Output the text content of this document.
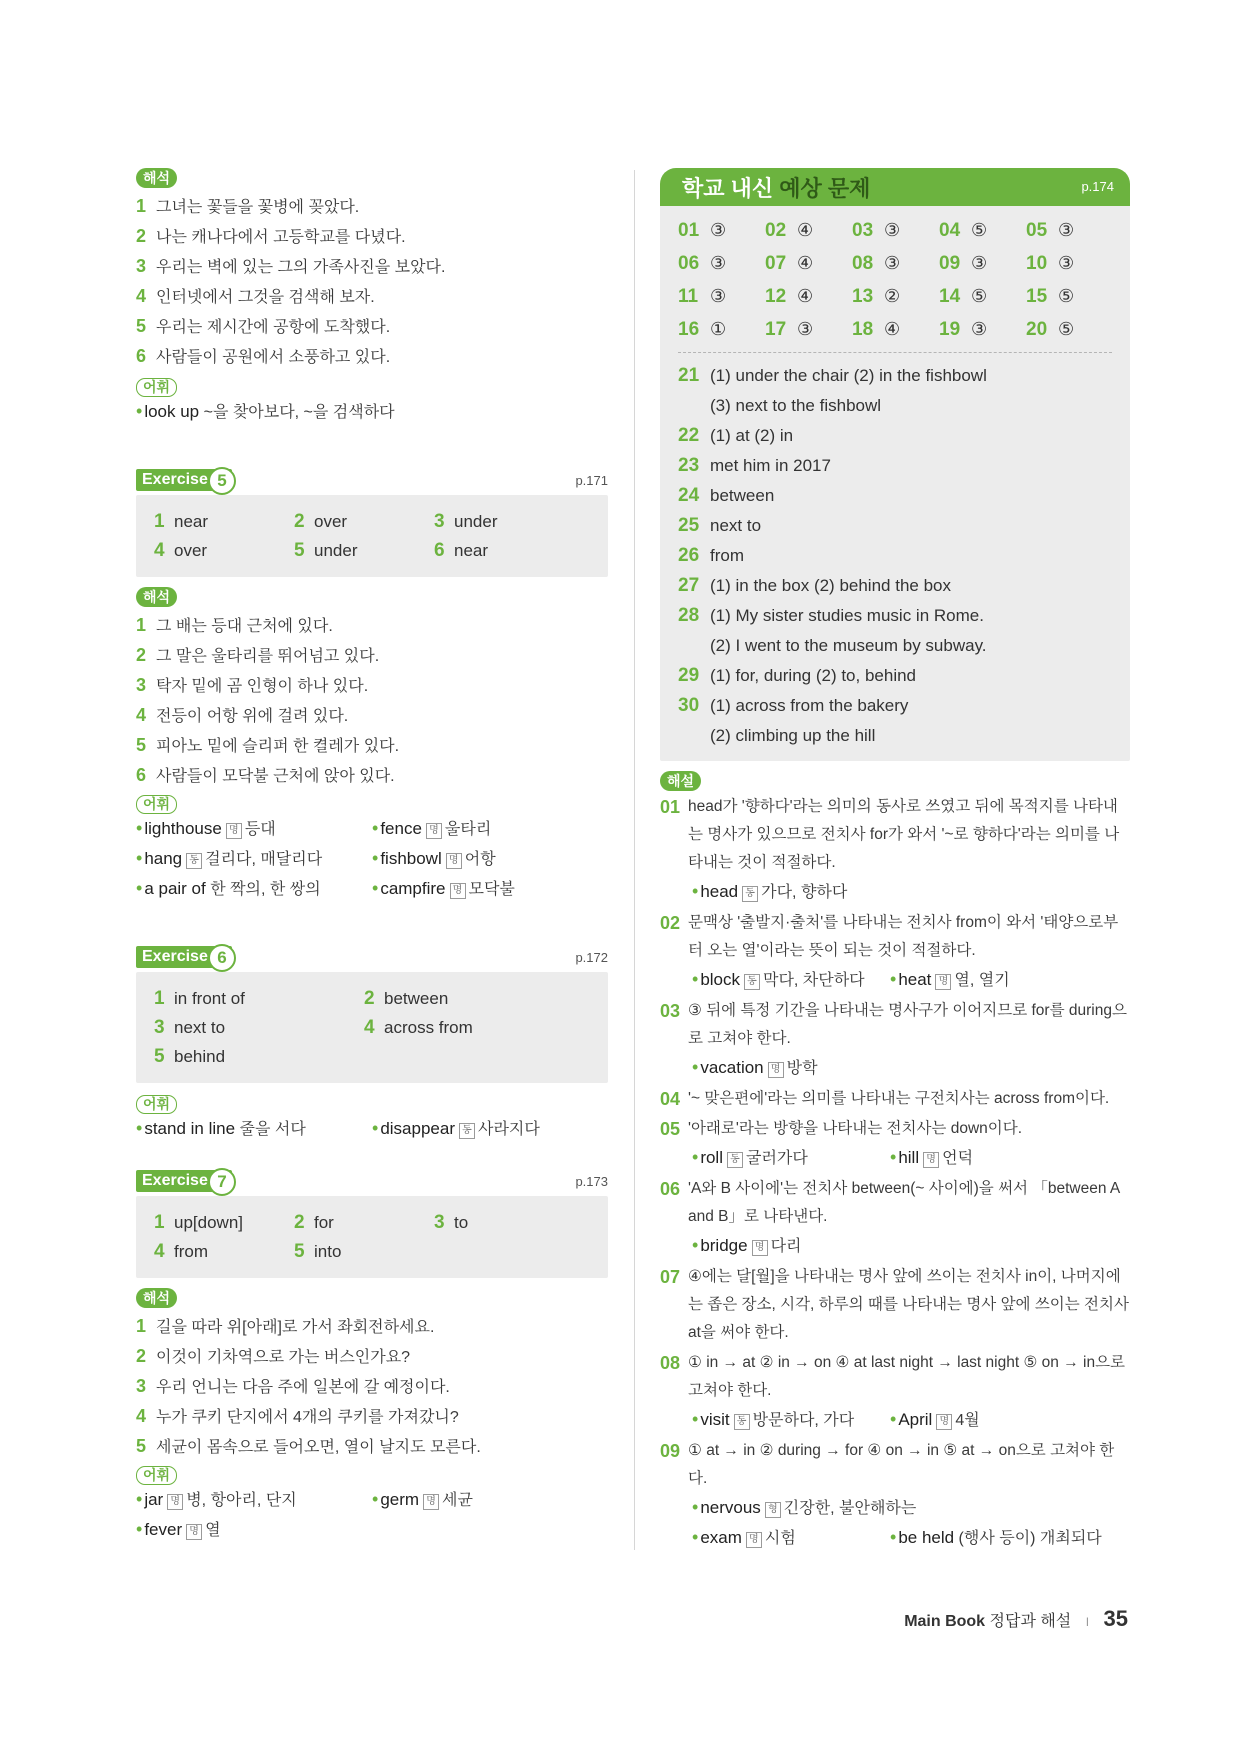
해석
1 그녀는 꽃들을 꽃병에 꽂았다.
2 나는 캐나다에서 고등학교를 다녔다.
3 우리는 벽에 있는 그의 가족사진을 보았다.
4 인터넷에서 그것을 검색해 보자.
5 우리는 제시간에 공항에 도착했다.
6 사람들이 공원에서 소풍하고 있다.
어휘
• look up ~을 찾아보다, ~을 검색하다
Exercise 5	p.171
1 near	2 over	3 under
4 over	5 under	6 near
해석
1 그 배는 등대 근처에 있다.
2 그 말은 울타리를 뛰어넘고 있다.
3 탁자 밑에 곰 인형이 하나 있다.
4 전등이 어항 위에 걸려 있다.
5 피아노 밑에 슬리퍼 한 켤레가 있다.
6 사람들이 모닥불 근처에 앉아 있다.
어휘
• lighthouse 명 등대	• fence 명 울타리
• hang 동 걸리다, 매달리다	• fishbowl 명 어항
• a pair of 한 짝의, 한 쌍의	• campfire 명 모닥불
Exercise 6	p.172
1 in front of	2 between
3 next to	4 across from
5 behind
어휘
• stand in line 줄을 서다	• disappear 동 사라지다
Exercise 7	p.173
1 up[down]	2 for	3 to
4 from	5 into
해석
1 길을 따라 위[아래]로 가서 좌회전하세요.
2 이것이 기차역으로 가는 버스인가요?
3 우리 언니는 다음 주에 일본에 갈 예정이다.
4 누가 쿠키 단지에서 4개의 쿠키를 가져갔니?
5 세균이 몸속으로 들어오면, 열이 날지도 모른다.
어휘
• jar 명 병, 항아리, 단지	• germ 명 세균
• fever 명 열
학교 내신 예상 문제	p.174
01 ③	02 ④	03 ③	04 ⑤	05 ③
06 ③	07 ④	08 ③	09 ③	10 ③
11 ③	12 ④	13 ②	14 ⑤	15 ⑤
16 ①	17 ③	18 ④	19 ③	20 ⑤
21 (1) under the chair (2) in the fishbowl
(3) next to the fishbowl
22 (1) at (2) in
23 met him in 2017
24 between
25 next to
26 from
27 (1) in the box (2) behind the box
28 (1) My sister studies music in Rome.
(2) I went to the museum by subway.
29 (1) for, during (2) to, behind
30 (1) across from the bakery
(2) climbing up the hill
해설
01 head가 '향하다'라는 의미의 동사로 쓰였고 뒤에 목적지를 나타내는 명사가 있으므로 전치사 for가 와서 '~로 향하다'라는 의미를 나타내는 것이 적절하다.
• head 동 가다, 향하다
02 문맥상 '출발지·출처'를 나타내는 전치사 from이 와서 '태양으로부터 오는 열'이라는 뜻이 되는 것이 적절하다.
• block 동 막다, 차단하다 • heat 명 열, 열기
03 ③ 뒤에 특정 기간을 나타내는 명사구가 이어지므로 for를 during으로 고쳐야 한다.
• vacation 명 방학
04 '~ 맞은편에'라는 의미를 나타내는 구전치사는 across from이다.
05 '아래로'라는 방향을 나타내는 전치사는 down이다.
• roll 동 굴러가다	• hill 명 언덕
06 'A와 B 사이에'는 전치사 between(~ 사이에)을 써서 「between A and B」로 나타낸다.
• bridge 명 다리
07 ④에는 달[월]을 나타내는 명사 앞에 쓰이는 전치사 in이, 나머지에는 좁은 장소, 시각, 하루의 때를 나타내는 명사 앞에 쓰이는 전치사 at을 써야 한다.
08 ① in → at ② in → on ④ at last night → last night ⑤ on → in으로 고쳐야 한다.
• visit 동 방문하다, 가다 • April 명 4월
09 ① at → in ② during → for ④ on → in ⑤ at → on으로 고쳐야 한다.
• nervous 형 긴장한, 불안해하는
• exam 명 시험	• be held (행사 등이) 개최되다
Main Book 정답과 해설 I 35
